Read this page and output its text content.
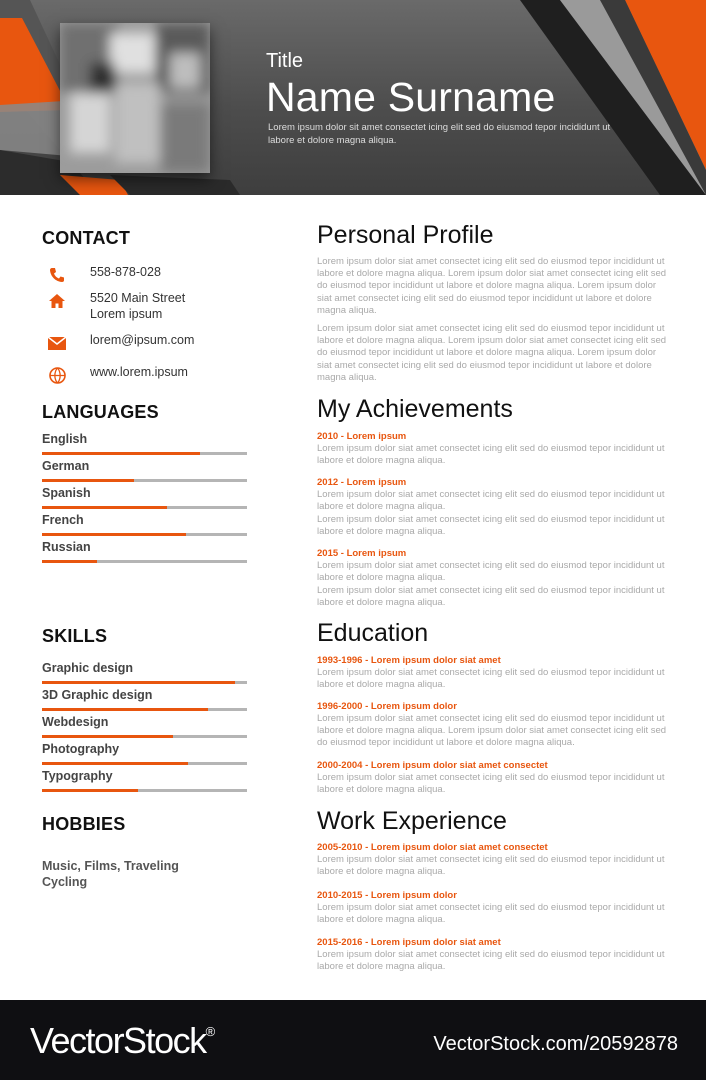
Title
Name Surname
Lorem ipsum dolor sit amet consectet icing elit sed do eiusmod tepor incididunt ut labore et dolore magna aliqua.
CONTACT
558-878-028
5520 Main Street
Lorem ipsum
lorem@ipsum.com
www.lorem.ipsum
LANGUAGES
English
German
Spanish
French
Russian
SKILLS
Graphic design
3D Graphic design
Webdesign
Photography
Typography
HOBBIES
Music, Films, Traveling
Cycling
Personal Profile
Lorem ipsum dolor siat amet consectet icing elit sed do eiusmod tepor incididunt ut labore et dolore magna aliqua. Lorem ipsum dolor siat amet consectet icing elit sed do eiusmod tepor incididunt ut labore et dolore magna aliqua. Lorem ipsum dolor siat amet consectet icing elit sed do eiusmod tepor incididunt ut labore et dolore magna aliqua.
Lorem ipsum dolor siat amet consectet icing elit sed do eiusmod tepor incididunt ut labore et dolore magna aliqua. Lorem ipsum dolor siat amet consectet icing elit sed do eiusmod tepor incididunt ut labore et dolore magna aliqua. Lorem ipsum dolor siat amet consectet icing elit sed do eiusmod tepor incididunt ut labore et dolore magna aliqua.
My Achievements
2010 - Lorem ipsum
Lorem ipsum dolor siat amet consectet icing elit sed do eiusmod tepor incididunt ut labore et dolore magna aliqua.
2012 - Lorem ipsum
Lorem ipsum dolor siat amet consectet icing elit sed do eiusmod tepor incididunt ut labore et dolore magna aliqua.
Lorem ipsum dolor siat amet consectet icing elit sed do eiusmod tepor incididunt ut labore et dolore magna aliqua.
2015 - Lorem ipsum
Lorem ipsum dolor siat amet consectet icing elit sed do eiusmod tepor incididunt ut labore et dolore magna aliqua.
Lorem ipsum dolor siat amet consectet icing elit sed do eiusmod tepor incididunt ut labore et dolore magna aliqua.
Education
1993-1996 - Lorem ipsum dolor siat amet
Lorem ipsum dolor siat amet consectet icing elit sed do eiusmod tepor incididunt ut labore et dolore magna aliqua.
1996-2000 - Lorem ipsum dolor
Lorem ipsum dolor siat amet consectet icing elit sed do eiusmod tepor incididunt ut labore et dolore magna aliqua. Lorem ipsum dolor siat amet consectet icing elit sed do eiusmod tepor incididunt ut labore et dolore magna aliqua.
2000-2004 - Lorem ipsum dolor siat amet consectet
Lorem ipsum dolor siat amet consectet icing elit sed do eiusmod tepor incididunt ut labore et dolore magna aliqua.
Work Experience
2005-2010 - Lorem ipsum dolor siat amet consectet
Lorem ipsum dolor siat amet consectet icing elit sed do eiusmod tepor incididunt ut labore et dolore magna aliqua.
2010-2015 - Lorem ipsum dolor
Lorem ipsum dolor siat amet consectet icing elit sed do eiusmod tepor incididunt ut labore et dolore magna aliqua.
2015-2016 - Lorem ipsum dolor siat amet
Lorem ipsum dolor siat amet consectet icing elit sed do eiusmod tepor incididunt ut labore et dolore magna aliqua.
VectorStock®
VectorStock.com/20592878
